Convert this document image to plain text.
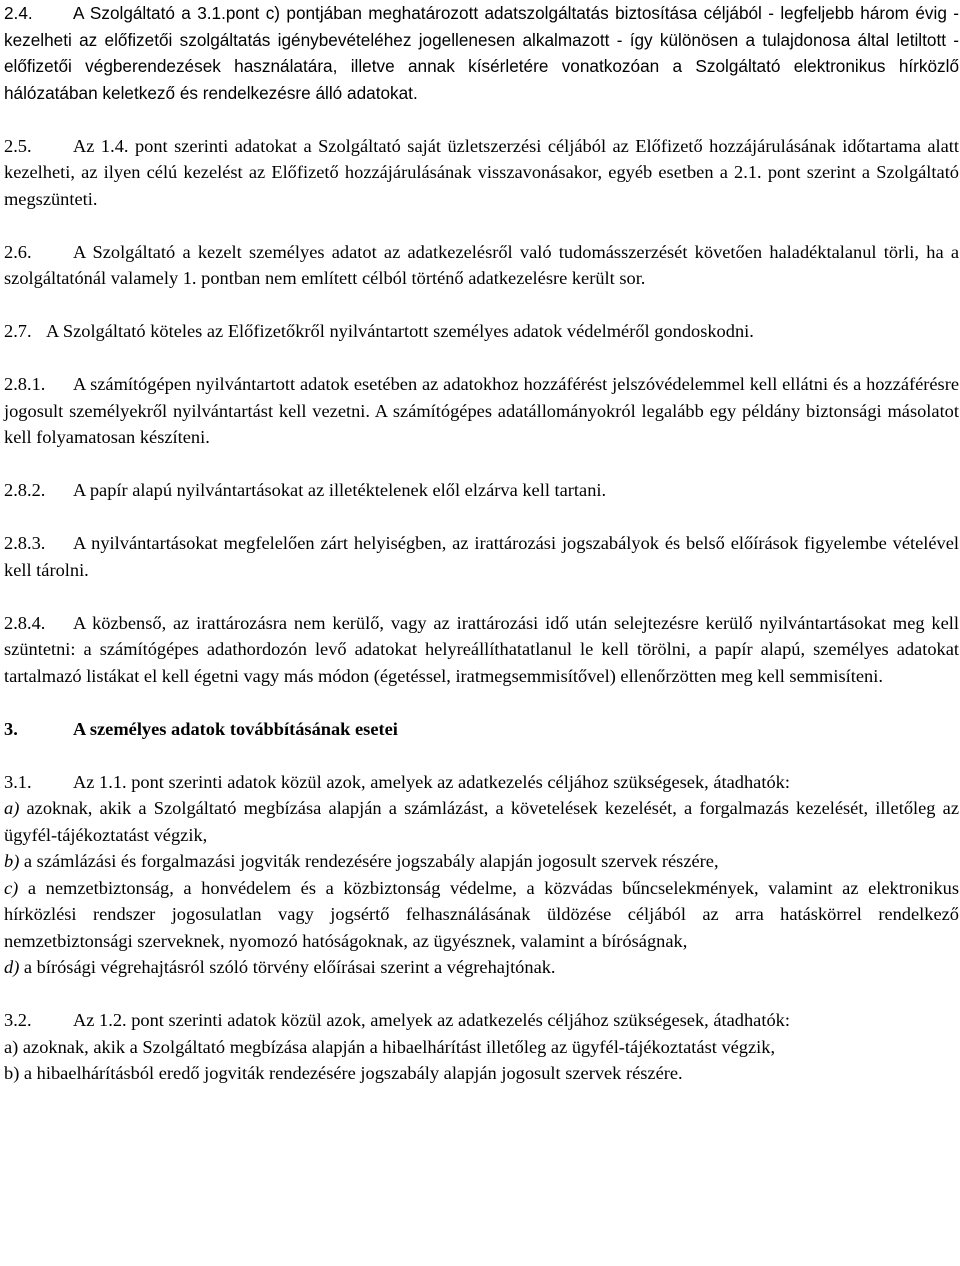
2.4. A Szolgáltató a 3.1.pont c) pontjában meghatározott adatszolgáltatás biztosítása céljából - legfeljebb három évig - kezelheti az előfizetői szolgáltatás igénybevételéhez jogellenesen alkalmazott - így különösen a tulajdonosa által letiltott - előfizetői végberendezések használatára, illetve annak kísérletére vonatkozóan a Szolgáltató elektronikus hírközlő hálózatában keletkező és rendelkezésre álló adatokat.

2.5. Az 1.4. pont szerinti adatokat a Szolgáltató saját üzletszerzési céljából az Előfizető hozzájárulásának időtartama alatt kezelheti, az ilyen célú kezelést az Előfizető hozzájárulásának visszavonásakor, egyéb esetben a 2.1. pont szerint a Szolgáltató megszünteti.

2.6. A Szolgáltató a kezelt személyes adatot az adatkezelésről való tudomásszerzését követően haladéktalanul törli, ha a szolgáltatónál valamely 1. pontban nem említett célból történő adatkezelésre került sor.

2.7. A Szolgáltató köteles az Előfizetőkről nyilvántartott személyes adatok védelméről gondoskodni.

2.8.1. A számítógépen nyilvántartott adatok esetében az adatokhoz hozzáférést jelszóvédelemmel kell ellátni és a hozzáférésre jogosult személyekről nyilvántartást kell vezetni. A számítógépes adatállományokról legalább egy példány biztonsági másolatot kell folyamatosan készíteni.

2.8.2. A papír alapú nyilvántartásokat az illetéktelenek elől elzárva kell tartani.

2.8.3. A nyilvántartásokat megfelelően zárt helyiségben, az irattározási jogszabályok és belső előírások figyelembe vételével kell tárolni.

2.8.4. A közbenső, az irattározásra nem kerülő, vagy az irattározási idő után selejtezésre kerülő nyilvántartásokat meg kell szüntetni: a számítógépes adathordozón levő adatokat helyreállíthatatlanul le kell törölni, a papír alapú, személyes adatokat tartalmazó listákat el kell égetni vagy más módon (égetéssel, iratmegsemmisítővel) ellenőrzötten meg kell semmisíteni.

3.	A személyes adatok továbbításának esetei

3.1. Az 1.1. pont szerinti adatok közül azok, amelyek az adatkezelés céljához szükségesek, átadhatók:

a) azoknak, akik a Szolgáltató megbízása alapján a számlázást, a követelések kezelését, a forgalmazás kezelését, illetőleg az ügyfél-tájékoztatást végzik,

b) a számlázási és forgalmazási jogviták rendezésére jogszabály alapján jogosult szervek részére,

c) a nemzetbiztonság, a honvédelem és a közbiztonság védelme, a közvádas bűncselekmények, valamint az elektronikus hírközlési rendszer jogosulatlan vagy jogsértő felhasználásának üldözése céljából az arra hatáskörrel rendelkező nemzetbiztonsági szerveknek, nyomozó hatóságoknak, az ügyésznek, valamint a bíróságnak,

d) a bírósági végrehajtásról szóló törvény előírásai szerint a végrehajtónak.

3.2. Az 1.2. pont szerinti adatok közül azok, amelyek az adatkezelés céljához szükségesek, átadhatók:

a) azoknak, akik a Szolgáltató megbízása alapján a hibaelhárítást illetőleg az ügyfél-tájékoztatást végzik,

b) a hibaelhárításból eredő jogviták rendezésére jogszabály alapján jogosult szervek részére.
